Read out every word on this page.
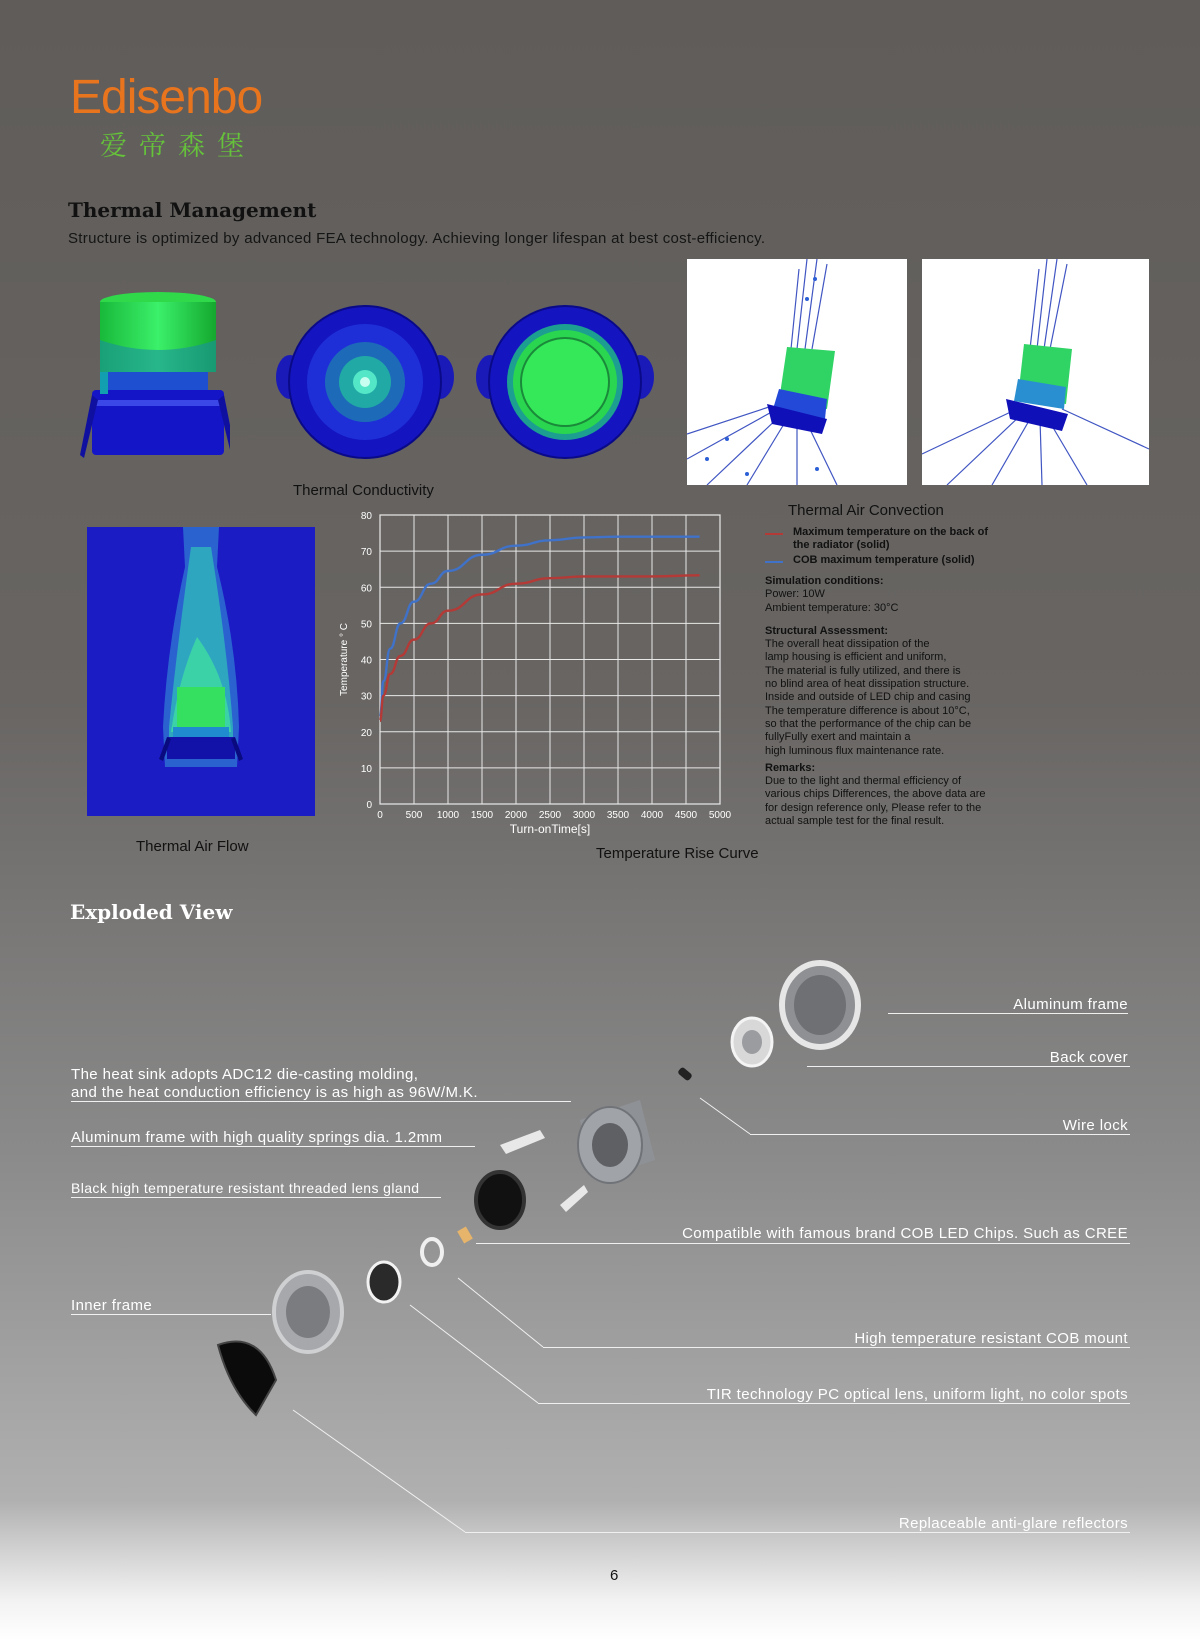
Edisenbo
爱帝森堡
Thermal Management
Structure is optimized by advanced FEA technology. Achieving longer lifespan at best cost-efficiency.
Thermal Conductivity
Thermal Air Convection
Thermal Air Flow
0 500 1000 1500 2000 2500 3000 3500 4000 4500 5000
0
10
20
30
40
50
60
70
80
Turn-onTime[s]
Temperature ° C
Temperature Rise Curve
Maximum temperature on the back of the radiator (solid)
COB maximum temperature (solid)
Simulation conditions:
Power: 10W
Ambient temperature: 30°C
Structural Assessment:
The overall heat dissipation of the
lamp housing is efficient and uniform,
The material is fully utilized, and there is
no blind area of heat dissipation structure.
Inside and outside of LED chip and casing
The temperature difference is about 10°C,
so that the performance of the chip can be
fullyFully exert and maintain a
high luminous flux maintenance rate.
Remarks:
Due to the light and thermal efficiency of
various chips Differences, the above data are
for design reference only, Please refer to the
actual sample test for the final result.
Exploded View
Aluminum frame
Back cover
The heat sink adopts ADC12 die-casting molding,
and the heat conduction efficiency is as high as 96W/M.K.
Wire lock
Aluminum frame with high quality springs dia. 1.2mm
Black high temperature resistant threaded lens gland
Compatible with famous brand COB LED Chips. Such as CREE
Inner frame
High temperature resistant COB mount
TIR technology PC optical lens, uniform light, no color spots
Replaceable anti-glare reflectors
6
